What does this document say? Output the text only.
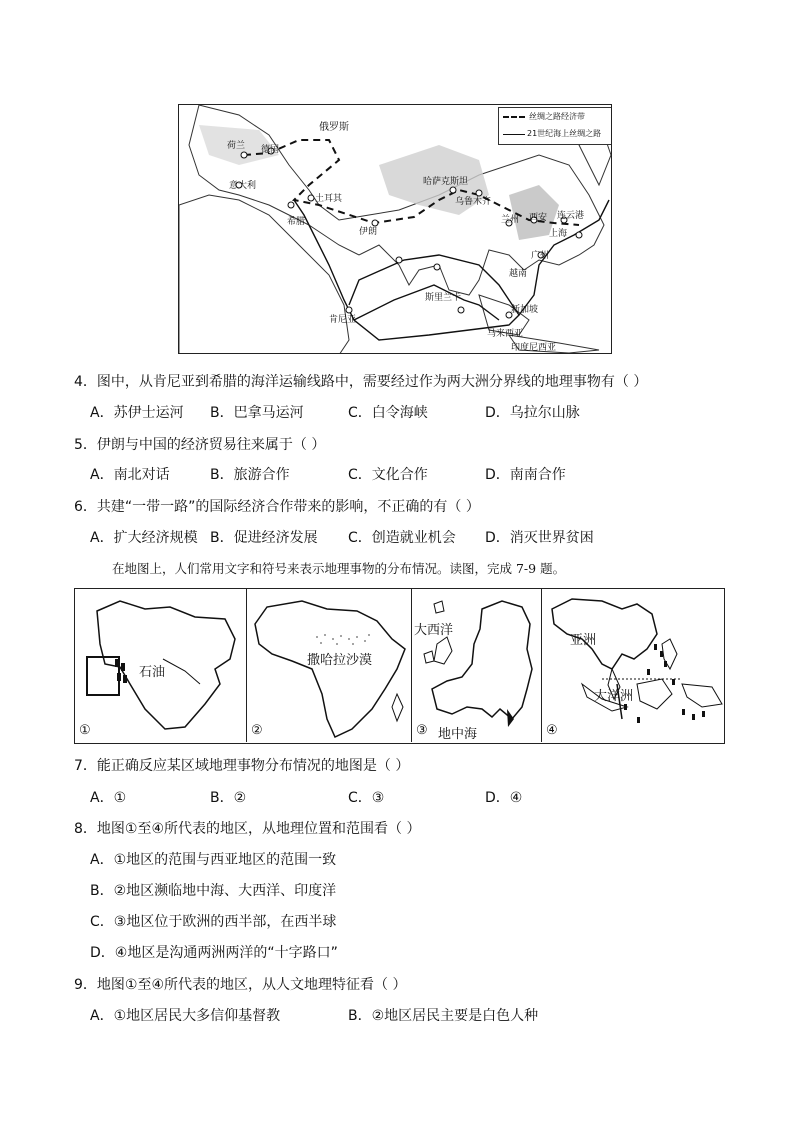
丝绸之路经济带
21世纪海上丝绸之路
荷兰 德国
俄罗斯
意大利
希腊
土耳其
伊朗
哈萨克斯坦
乌鲁木齐
兰州 西安 连云港
上海
广州
越南
斯里兰卡
新加坡
马来西亚
印度尼西亚
肯尼亚
4．图中，从肯尼亚到希腊的海洋运输线路中，需要经过作为两大洲分界线的地理事物有（ ）
A．苏伊士运河 B．巴拿马运河	C．白令海峡	D．乌拉尔山脉
5．伊朗与中国的经济贸易往来属于（ ）
A．南北对话	B．旅游合作	C．文化合作	D．南南合作
6．共建“一带一路”的国际经济合作带来的影响，不正确的有（ ）
A．扩大经济规模 B．促进经济发展 C．创造就业机会 D．消灭世界贫困
在地图上，人们常用文字和符号来表示地理事物的分布情况。读图，完成 7-9 题。
石油
①
撒哈拉沙漠
②
大西洋
地中海
③
亚洲
大洋洲
④
7．能正确反应某区域地理事物分布情况的地图是（ ）
A．①	B．②	C．③	D．④
8．地图①至④所代表的地区，从地理位置和范围看（ ）
A．①地区的范围与西亚地区的范围一致
B．②地区濒临地中海、大西洋、印度洋
C．③地区位于欧洲的西半部，在西半球
D．④地区是沟通两洲两洋的“十字路口”
9．地图①至④所代表的地区，从人文地理特征看（ ）
A．①地区居民大多信仰基督教	B．②地区居民主要是白色人种
